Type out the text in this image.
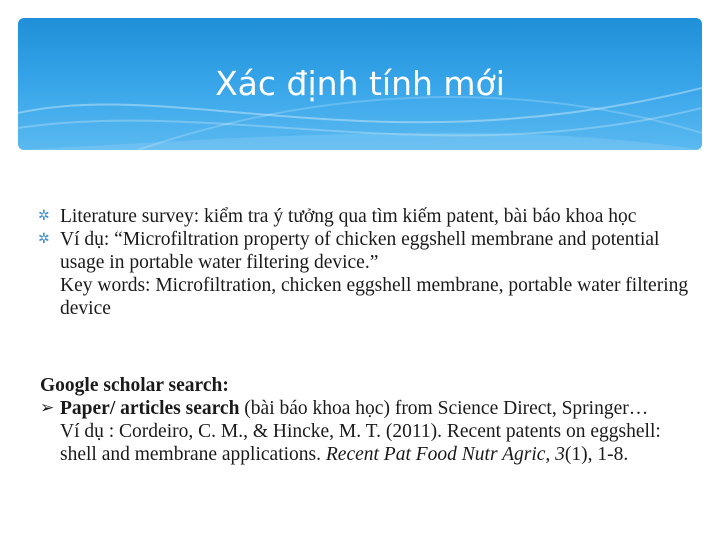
Xác định tính mới

✲ Literature survey: kiểm tra ý tưởng qua tìm kiếm patent, bài báo khoa học

✲ Ví dụ: “Microfiltration property of chicken eggshell membrane and potential usage in portable water filtering device.”

Key words: Microfiltration, chicken eggshell membrane, portable water filtering device
Google scholar search:
➢ Paper/ articles search (bài báo khoa học) from Science Direct, Springer…
Ví dụ : Cordeiro, C. M., & Hincke, M. T. (2011). Recent patents on eggshell: shell and membrane applications. Recent Pat Food Nutr Agric, 3(1), 1-8.
